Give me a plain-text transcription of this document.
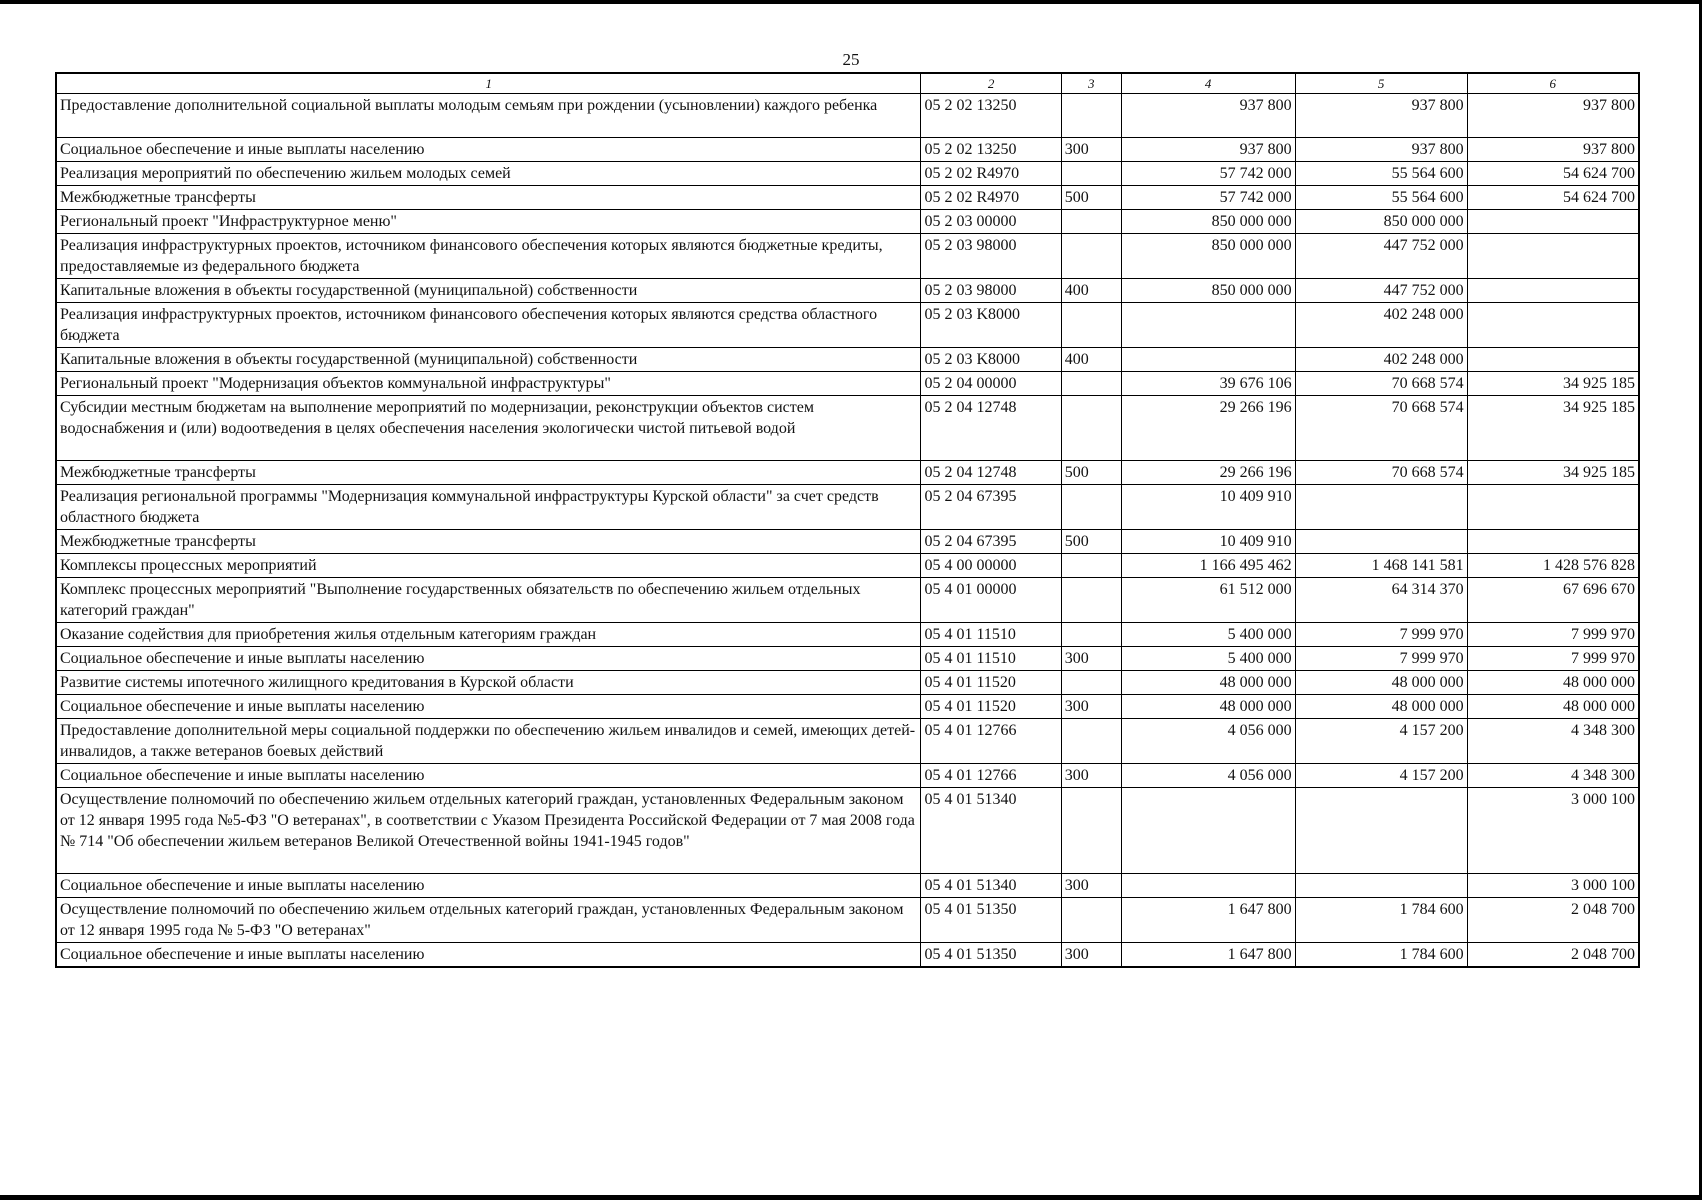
25
1	2	3	4	5	6
Предоставление дополнительной социальной выплаты молодым семьям при рождении (усыновлении) каждого ребенка	05 2 02 13250		937 800	937 800	937 800
Социальное обеспечение и иные выплаты населению	05 2 02 13250	300	937 800	937 800	937 800
Реализация мероприятий по обеспечению жильем молодых семей	05 2 02 R4970		57 742 000	55 564 600	54 624 700
Межбюджетные трансферты	05 2 02 R4970	500	57 742 000	55 564 600	54 624 700
Региональный проект "Инфраструктурное меню"	05 2 03 00000		850 000 000	850 000 000	
Реализация инфраструктурных проектов, источником финансового обеспечения которых являются бюджетные кредиты, предоставляемые из федерального бюджета	05 2 03 98000		850 000 000	447 752 000	
Капитальные вложения в объекты государственной (муниципальной) собственности	05 2 03 98000	400	850 000 000	447 752 000	
Реализация инфраструктурных проектов, источником финансового обеспечения которых являются средства областного бюджета	05 2 03 K8000			402 248 000	
Капитальные вложения в объекты государственной (муниципальной) собственности	05 2 03 K8000	400		402 248 000	
Региональный проект "Модернизация объектов коммунальной инфраструктуры"	05 2 04 00000		39 676 106	70 668 574	34 925 185
Субсидии местным бюджетам на выполнение мероприятий по модернизации, реконструкции объектов систем водоснабжения и (или) водоотведения в целях обеспечения населения экологически чистой питьевой водой	05 2 04 12748		29 266 196	70 668 574	34 925 185
Межбюджетные трансферты	05 2 04 12748	500	29 266 196	70 668 574	34 925 185
Реализация региональной программы "Модернизация коммунальной инфраструктуры Курской области" за счет средств областного бюджета	05 2 04 67395		10 409 910		
Межбюджетные трансферты	05 2 04 67395	500	10 409 910		
Комплексы процессных мероприятий	05 4 00 00000		1 166 495 462	1 468 141 581	1 428 576 828
Комплекс процессных мероприятий "Выполнение государственных обязательств по обеспечению жильем отдельных категорий граждан"	05 4 01 00000		61 512 000	64 314 370	67 696 670
Оказание содействия для приобретения жилья отдельным категориям граждан	05 4 01 11510		5 400 000	7 999 970	7 999 970
Социальное обеспечение и иные выплаты населению	05 4 01 11510	300	5 400 000	7 999 970	7 999 970
Развитие системы ипотечного жилищного кредитования в Курской области	05 4 01 11520		48 000 000	48 000 000	48 000 000
Социальное обеспечение и иные выплаты населению	05 4 01 11520	300	48 000 000	48 000 000	48 000 000
Предоставление дополнительной меры социальной поддержки по обеспечению жильем инвалидов и семей, имеющих детей-инвалидов, а также ветеранов боевых действий	05 4 01 12766		4 056 000	4 157 200	4 348 300
Социальное обеспечение и иные выплаты населению	05 4 01 12766	300	4 056 000	4 157 200	4 348 300
Осуществление полномочий по обеспечению жильем отдельных категорий граждан, установленных Федеральным законом от 12 января 1995 года №5-ФЗ "О ветеранах", в соответствии с Указом Президента Российской Федерации от 7 мая 2008 года № 714 "Об обеспечении жильем ветеранов Великой Отечественной войны 1941-1945 годов"	05 4 01 51340				3 000 100
Социальное обеспечение и иные выплаты населению	05 4 01 51340	300			3 000 100
Осуществление полномочий по обеспечению жильем отдельных категорий граждан, установленных Федеральным законом от 12 января 1995 года № 5-ФЗ "О ветеранах"	05 4 01 51350		1 647 800	1 784 600	2 048 700
Социальное обеспечение и иные выплаты населению	05 4 01 51350	300	1 647 800	1 784 600	2 048 700
